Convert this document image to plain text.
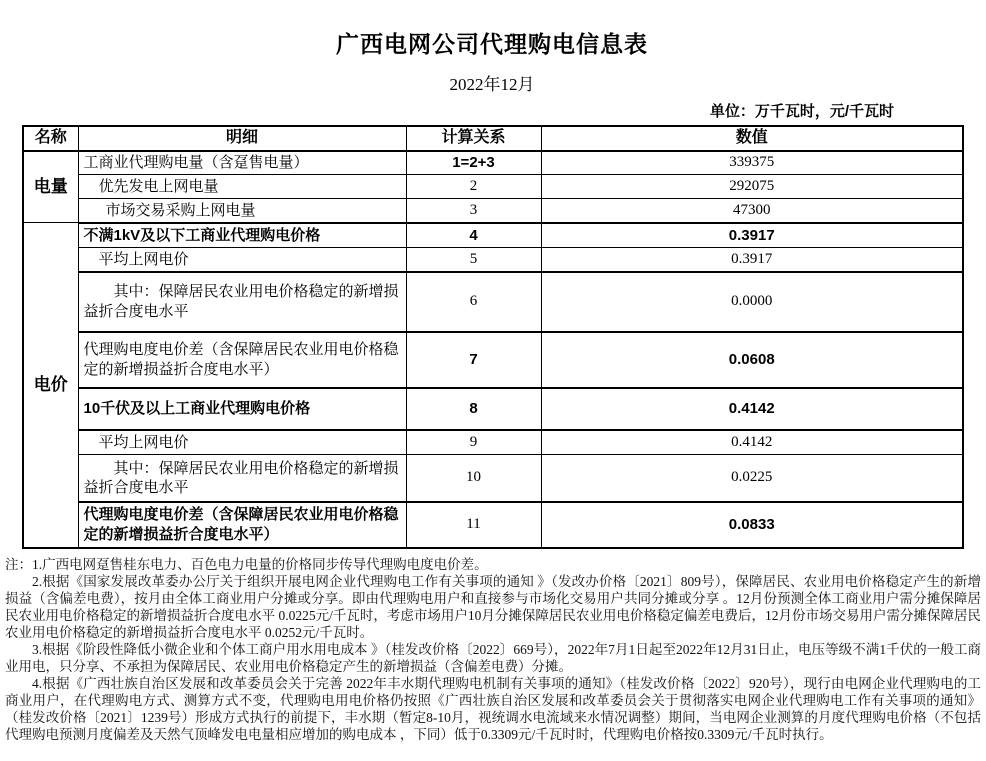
广西电网公司代理购电信息表
2022年12月
单位：万千瓦时，元/千瓦时
名称	明细	计算关系	数值
电量	工商业代理购电量（含趸售电量）	1=2+3	339375
	优先发电上网电量	2	292075
	市场交易采购上网电量	3	47300
电价	不满1kV及以下工商业代理购电价格	4	0.3917
	平均上网电价	5	0.3917
	其中：保障居民农业用电价格稳定的新增损益折合度电水平	6	0.0000
	代理购电度电价差（含保障居民农业用电价格稳定的新增损益折合度电水平）	7	0.0608
	10千伏及以上工商业代理购电价格	8	0.4142
	平均上网电价	9	0.4142
	其中：保障居民农业用电价格稳定的新增损益折合度电水平	10	0.0225
	代理购电度电价差（含保障居民农业用电价格稳定的新增损益折合度电水平）	11	0.0833

注：1.广西电网趸售桂东电力、百色电力电量的价格同步传导代理购电度电价差。

2.根据《国家发展改革委办公厅关于组织开展电网企业代理购电工作有关事项的通知 》（发改办价格〔2021〕809号），保障居民、农业用电价格稳定产生的新增损益（含偏差电费），按月由全体工商业用户分摊或分享。即由代理购电用户和直接参与市场化交易用户共同分摊或分享 。12月份预测全体工商业用户需分摊保障居民农业用电价格稳定的新增损益折合度电水平 0.0225元/千瓦时，考虑市场用户10月分摊保障居民农业用电价格稳定偏差电费后，12月份市场交易用户需分摊保障居民农业用电价格稳定的新增损益折合度电水平 0.0252元/千瓦时。

3.根据《阶段性降低小微企业和个体工商户用水用电成本 》（桂发改价格〔2022〕669号），2022年7月1日起至2022年12月31日止，电压等级不满1千伏的一般工商业用电，只分享、不承担为保障居民、农业用电价格稳定产生的新增损益（含偏差电费）分摊。

4.根据《广西壮族自治区发展和改革委员会关于完善 2022年丰水期代理购电机制有关事项的通知》（桂发改价格〔2022〕920号），现行由电网企业代理购电的工商业用户，在代理购电方式、测算方式不变，代理购电用电价格仍按照《广西壮族自治区发展和改革委员会关于贯彻落实电网企业代理购电工作有关事项的通知》（桂发改价格〔2021〕1239号）形成方式执行的前提下，丰水期（暂定8-10月，视统调水电流域来水情况调整）期间，当电网企业测算的月度代理购电价格（不包括代理购电预测月度偏差及天然气顶峰发电电量相应增加的购电成本 ，下同）低于0.3309元/千瓦时时，代理购电价格按0.3309元/千瓦时执行。
